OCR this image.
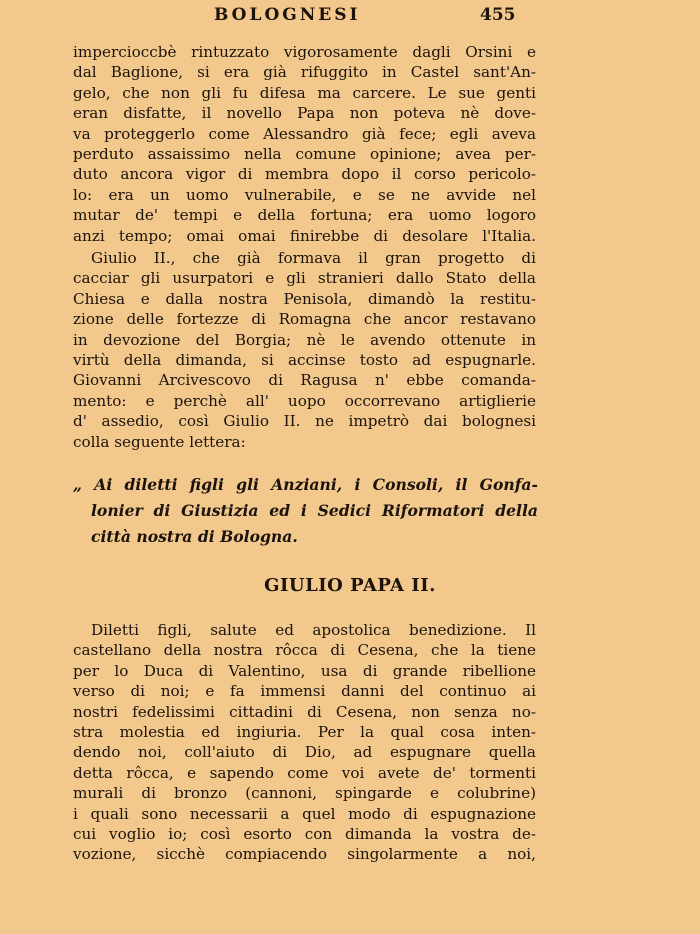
BOLOGNESI	455
impercioccbè rintuzzato vigorosamente dagli Orsini e
dal Baglione, si era già rifuggito in Castel sant'An-
gelo, che non gli fu difesa ma carcere. Le sue genti
eran disfatte, il novello Papa non poteva nè dove-
va proteggerlo come Alessandro già fece; egli aveva
perduto assaissimo nella comune opinione; avea per-
duto ancora vigor di membra dopo il corso pericolo-
lo: era un uomo vulnerabile, e se ne avvide nel
mutar de' tempi e della fortuna; era uomo logoro
anzi tempo; omai omai finirebbe di desolare l'Italia.
Giulio II., che già formava il gran progetto di
cacciar gli usurpatori e gli stranieri dallo Stato della
Chiesa e dalla nostra Penisola, dimandò la restitu-
zione delle fortezze di Romagna che ancor restavano
in devozione del Borgia; nè le avendo ottenute in
virtù della dimanda, si accinse tosto ad espugnarle.
Giovanni Arcivescovo di Ragusa n' ebbe comanda-
mento: e perchè all' uopo occorrevano artiglierie
d' assedio, così Giulio II. ne impetrò dai bolognesi
colla seguente lettera:
„ Ai diletti figli gli Anziani, i Consoli, il Gonfa-
lonier di Giustizia ed i Sedici Riformatori della
città nostra di Bologna.
GIULIO PAPA II.
Diletti figli, salute ed apostolica benedizione. Il
castellano della nostra rôcca di Cesena, che la tiene
per lo Duca di Valentino, usa di grande ribellione
verso di noi; e fa immensi danni del continuo ai
nostri fedelissimi cittadini di Cesena, non senza no-
stra molestia ed ingiuria. Per la qual cosa inten-
dendo noi, coll'aiuto di Dio, ad espugnare quella
detta rôcca, e sapendo come voi avete de' tormenti
murali di bronzo (cannoni, spingarde e colubrine)
i quali sono necessarii a quel modo di espugnazione
cui voglio io; così esorto con dimanda la vostra de-
vozione, sicchè compiacendo singolarmente a noi,
